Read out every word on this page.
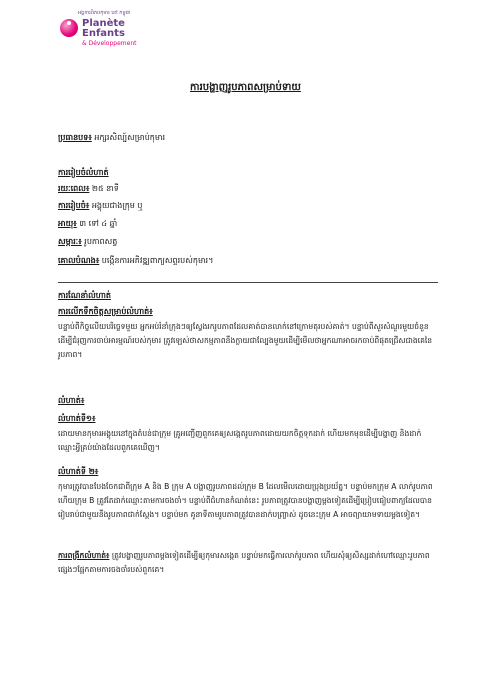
អង្គការពិភពកុមារ នៅ កម្ពុជា
Planète
Enfants
& Développement
ការបង្ហាញរូបភាពសម្រាប់ទាយ
ប្រធានបទ៖ អក្សរសិល្ប៍សម្រាប់កុមារ
ការរៀបចំលំហាត់
រយៈពេល៖ ២៥ នាទី
ការរៀបចំ៖ អង្គុយជាងក្រុម ឬ
អាយុ៖ ៣ ទៅ ៤ ឆ្នាំ
សម្ភារៈ៖ រូបភាពសត្វ
គោលបំណង៖ បង្កើនការអភិវឌ្ឍពាក្យសព្ទរបស់កុមារ។
ការណែនាំលំហាត់
ការលើកទឹកចិត្តសម្រាប់លំហាត់៖
បន្ទាប់ពីកិច្ចលើយបរិច្ចេទមួយ អ្នកអប់រំនាំក្រុងៗឲ្យស្វែងរករូបភាពដែលគាត់បានលាក់នៅក្រោមតុរបស់គាត់។ បន្ទាប់ពីសួរសំណួរមួយចំនួនដើម្បីជំរុញការចាប់អារម្មណ៍របស់កុមារ ត្រូវឡេស់ថាសកម្មភាពនឹងក្លាយជាល្បែងមួយដើម្បីមើលថាអ្នកណាអាចរកចាប់ពីផុតជ្រើសជាងគេនៃរូបភាព។
លំហាត់៖
លំហាត់ទី១៖
ដោយមានកុមារអង្គុយនៅក្នុងតំបន់ជាក្រុម គ្រូអញ្ជើញពួកគេឲ្យសង្កេតរូបភាពដោយយកចិត្តទុកដាក់ ហើយមកមុខដើម្បីបង្ហាញ និងដាក់ឈ្មោះអ្វីគ្រប់យ៉ាងដែលពួកគេឃើញ។
លំហាត់ទី ២៖
កុមារត្រូវបានបែងចែកជាពីក្រុម A និង B ក្រុម A បង្ហាញរូបភាពដល់ក្រុម B ដែលមើលដោយប្រុងប្រយ័ត្ន។ បន្ទាប់មកក្រុម A លាក់រូបភាព ហើយក្រុម B ត្រូវតែដាក់ឈ្មោះតាមការចងចាំ។ បន្ទាប់ពីជំហានកំណត់នេះ រូបភាពត្រូវបានបង្ហាញម្តងទៀតដើម្បីប្រៀបធៀបពាក្យដែលបានរៀបរាប់ជាមួយនឹងរូបភាពជាក់ស្តែង។ បន្ទាប់មក គូនាទីតាមរូបភាពត្រូវបានដាក់បញ្ច្រាស់ ដូចនេះក្រុម A អាចព្យាយាមទាយម្តងទៀត។
ការពង្រីកលំហាត់៖ ត្រូវបង្ហាញរូបភាពម្តងទៀតដើម្បីឲ្យកុមារសង្កេត បន្ទាប់មកធ្វើការលាក់រូបភាព ហើយសុំឲ្យសិស្សដាក់ហៅឈ្មោះរូបភាពផ្សេងៗផ្អែកតាមការចងចាំរបស់ពួកគេ។
